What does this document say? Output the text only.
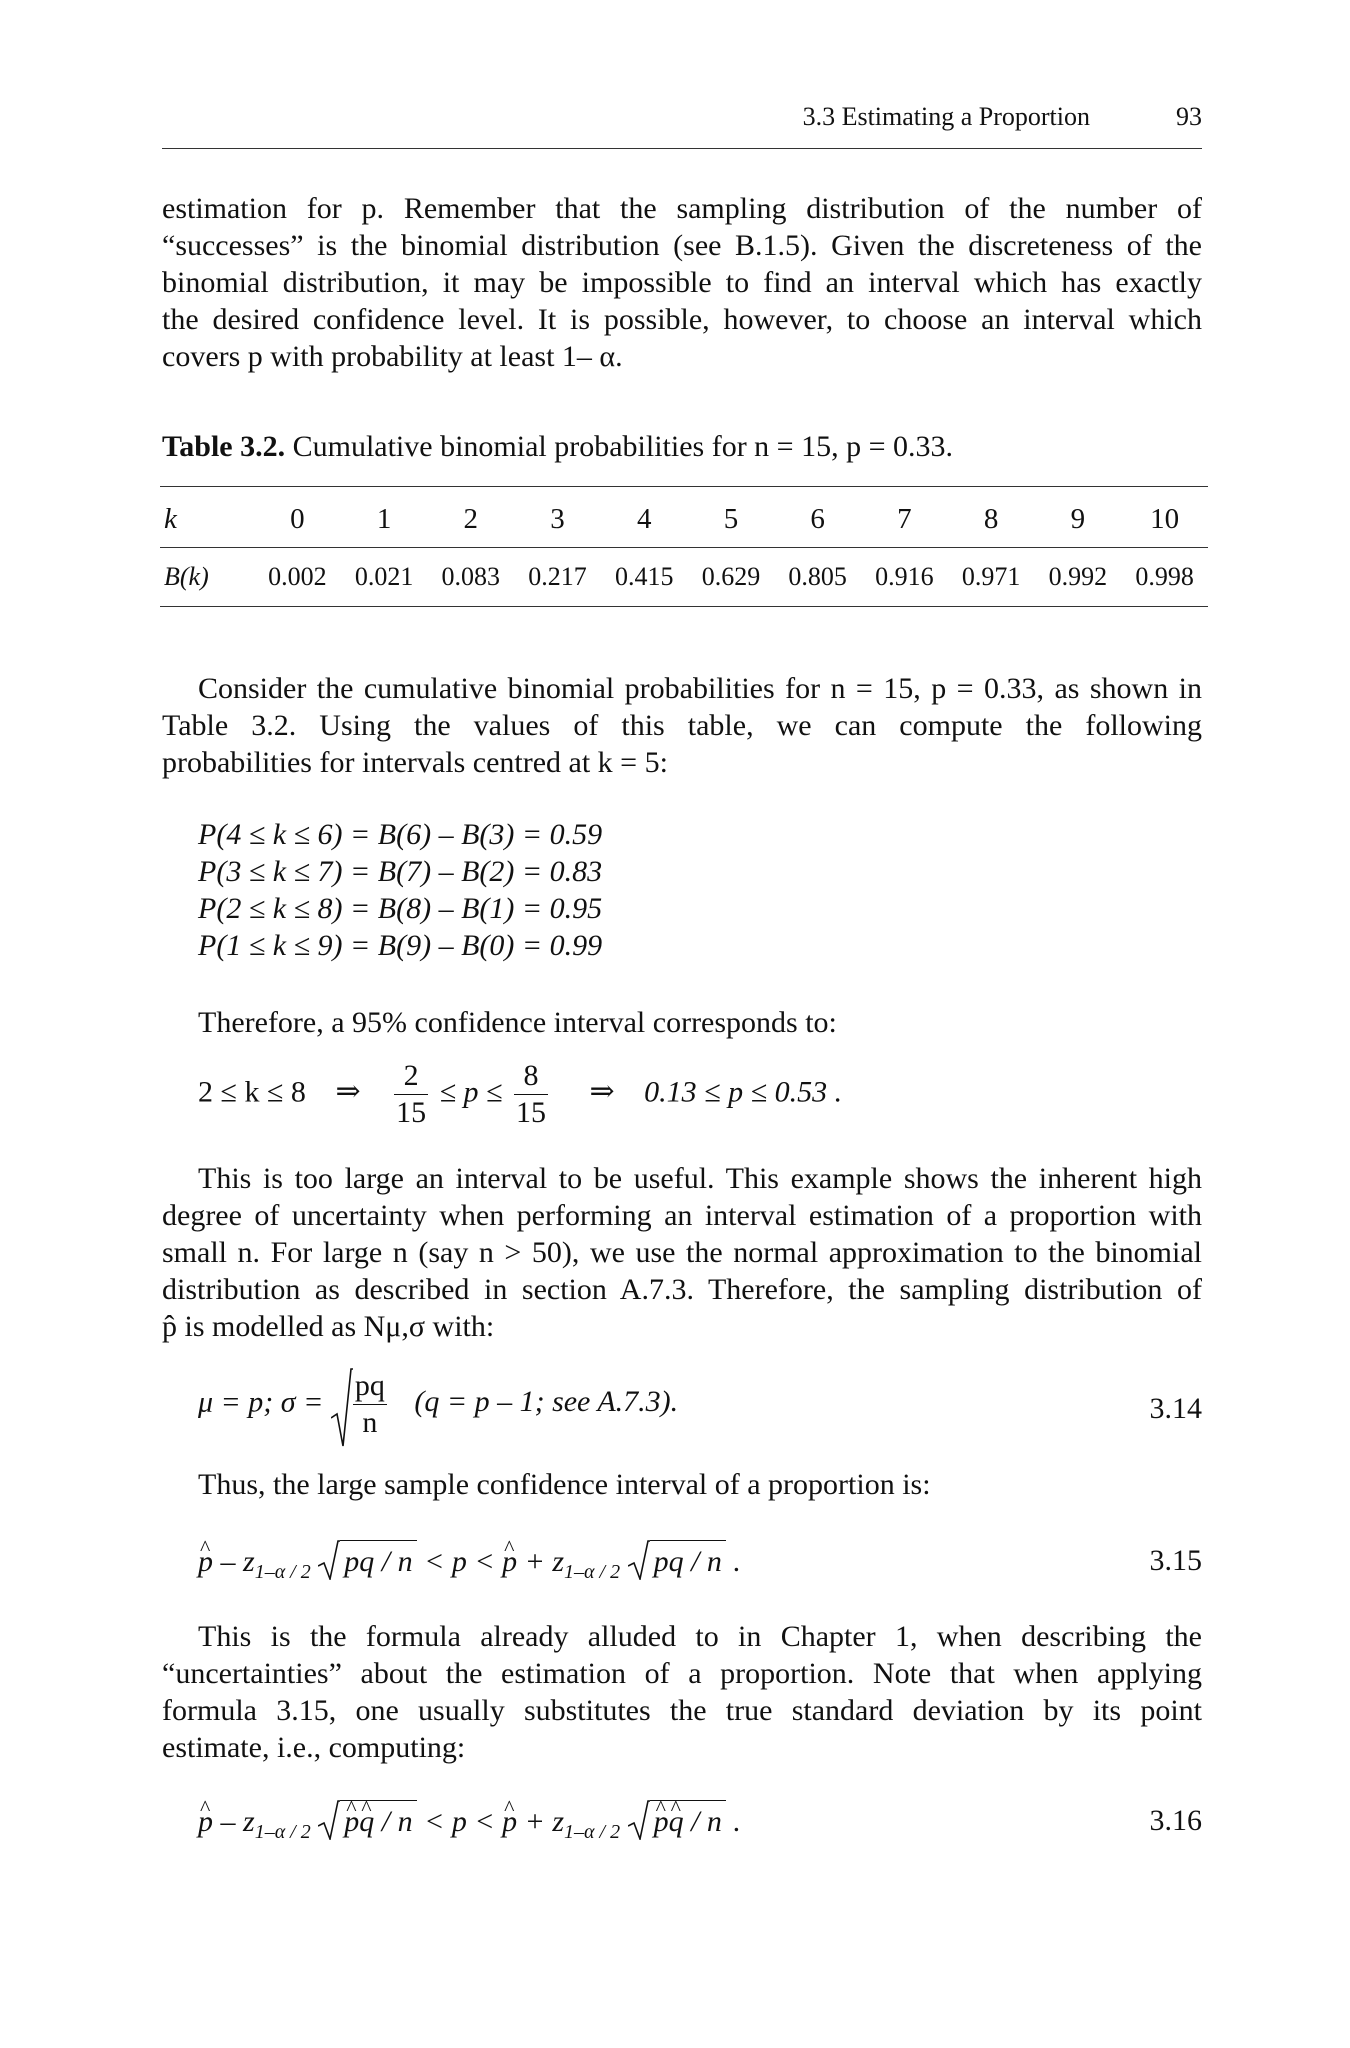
3.3 Estimating a Proportion	93
estimation for p. Remember that the sampling distribution of the number of
“successes” is the binomial distribution (see B.1.5). Given the discreteness of the
binomial distribution, it may be impossible to find an interval which has exactly
the desired confidence level. It is possible, however, to choose an interval which
covers p with probability at least 1– α.
Table 3.2. Cumulative binomial probabilities for n = 15, p = 0.33.
k	0	1	2	3	4	5	6	7	8	9	10
B(k)	0.002	0.021	0.083	0.217	0.415	0.629	0.805	0.916	0.971	0.992	0.998
Consider the cumulative binomial probabilities for n = 15, p = 0.33, as shown in
Table 3.2. Using the values of this table, we can compute the following
probabilities for intervals centred at k = 5:
P(4 ≤ k ≤ 6) = B(6) – B(3) = 0.59
P(3 ≤ k ≤ 7) = B(7) – B(2) = 0.83
P(2 ≤ k ≤ 8) = B(8) – B(1) = 0.95
P(1 ≤ k ≤ 9) = B(9) – B(0) = 0.99
Therefore, a 95% confidence interval corresponds to:
2 ≤ k ≤ 8 ⇒ $\frac{2}{15} \le p \le \frac{8}{15}$ ⇒ 0.13 ≤ p ≤ 0.53 .
This is too large an interval to be useful. This example shows the inherent high
degree of uncertainty when performing an interval estimation of a proportion with
small n. For large n (say n > 50), we use the normal approximation to the binomial
distribution as described in section A.7.3. Therefore, the sampling distribution of
p̂ is modelled as Nμ,σ with:
μ = p; $\sigma = \frac{pq}{n} (q = p - 1$; see A.7.3).	3.14
Thus, the large sample confidence interval of a proportion is:
^ p – $z_{1-\alpha / 2}$ pq / n < p < ^ $p + z_{1-\alpha / 2}$ pq / n .	3.15
This is the formula already alluded to in Chapter 1, when describing the
“uncertainties” about the estimation of a proportion. Note that when applying
formula 3.15, one usually substitutes the true standard deviation by its point
estimate, i.e., computing:
^ p – $z_{1-\alpha / 2}$ ^ p^ q / n < p < ^ $p + z_{1-\alpha / 2}$ ^ p^ q / n .	3.16
